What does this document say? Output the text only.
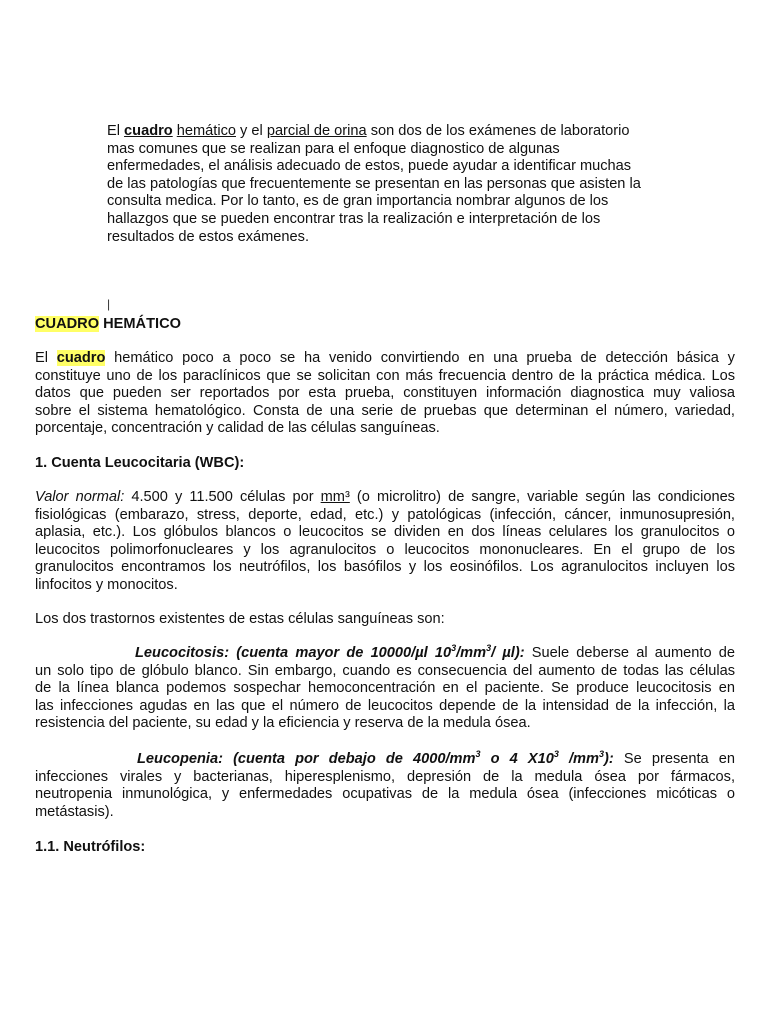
El cuadro hemático y el parcial de orina son dos de los exámenes de laboratorio
mas comunes que se realizan para el enfoque diagnostico de algunas
enfermedades, el análisis adecuado de estos, puede ayudar a identificar muchas
de las patologías que frecuentemente se presentan en las personas que asisten la
consulta medica. Por lo tanto, es de gran importancia nombrar algunos de los
hallazgos que se pueden encontrar tras la realización e interpretación de los
resultados de estos exámenes.
|
CUADRO HEMÁTICO
El cuadro hemático poco a poco se ha venido convirtiendo en una prueba de detección básica y
constituye uno de los paraclínicos que se solicitan con más frecuencia dentro de la práctica médica. Los
datos que pueden ser reportados por esta prueba, constituyen información diagnostica muy valiosa
sobre el sistema hematológico. Consta de una serie de pruebas que determinan el número, variedad,
porcentaje, concentración y calidad de las células sanguíneas.
1. Cuenta Leucocitaria (WBC):
Valor normal: 4.500 y 11.500 células por mm³ (o microlitro) de sangre, variable según las condiciones
fisiológicas (embarazo, stress, deporte, edad, etc.) y patológicas (infección, cáncer, inmunosupresión,
aplasia, etc.). Los glóbulos blancos o leucocitos se dividen en dos líneas celulares los granulocitos o
leucocitos polimorfonucleares y los agranulocitos o leucocitos mononucleares. En el grupo de los
granulocitos encontramos los neutrófilos, los basófilos y los eosinófilos. Los agranulocitos incluyen los
linfocitos y monocitos.
Los dos trastornos existentes de estas células sanguíneas son:
Leucocitosis: (cuenta mayor de 10000/µl $10^3/mm^3/$ µl): Suele deberse al aumento de
un solo tipo de glóbulo blanco. Sin embargo, cuando es consecuencia del aumento de todas las células
de la línea blanca podemos sospechar hemoconcentración en el paciente. Se produce leucocitosis en
las infecciones agudas en las que el número de leucocitos depende de la intensidad de la infección, la
resistencia del paciente, su edad y la eficiencia y reserva de la medula ósea.
Leucopenia: (cuenta por debajo de $4000/mm^3$ o 4 $X10^3$ $/mm^3$): Se presenta en
infecciones virales y bacterianas, hiperesplenismo, depresión de la medula ósea por fármacos,
neutropenia inmunológica, y enfermedades ocupativas de la medula ósea (infecciones micóticas o
metástasis).
1.1. Neutrófilos:
